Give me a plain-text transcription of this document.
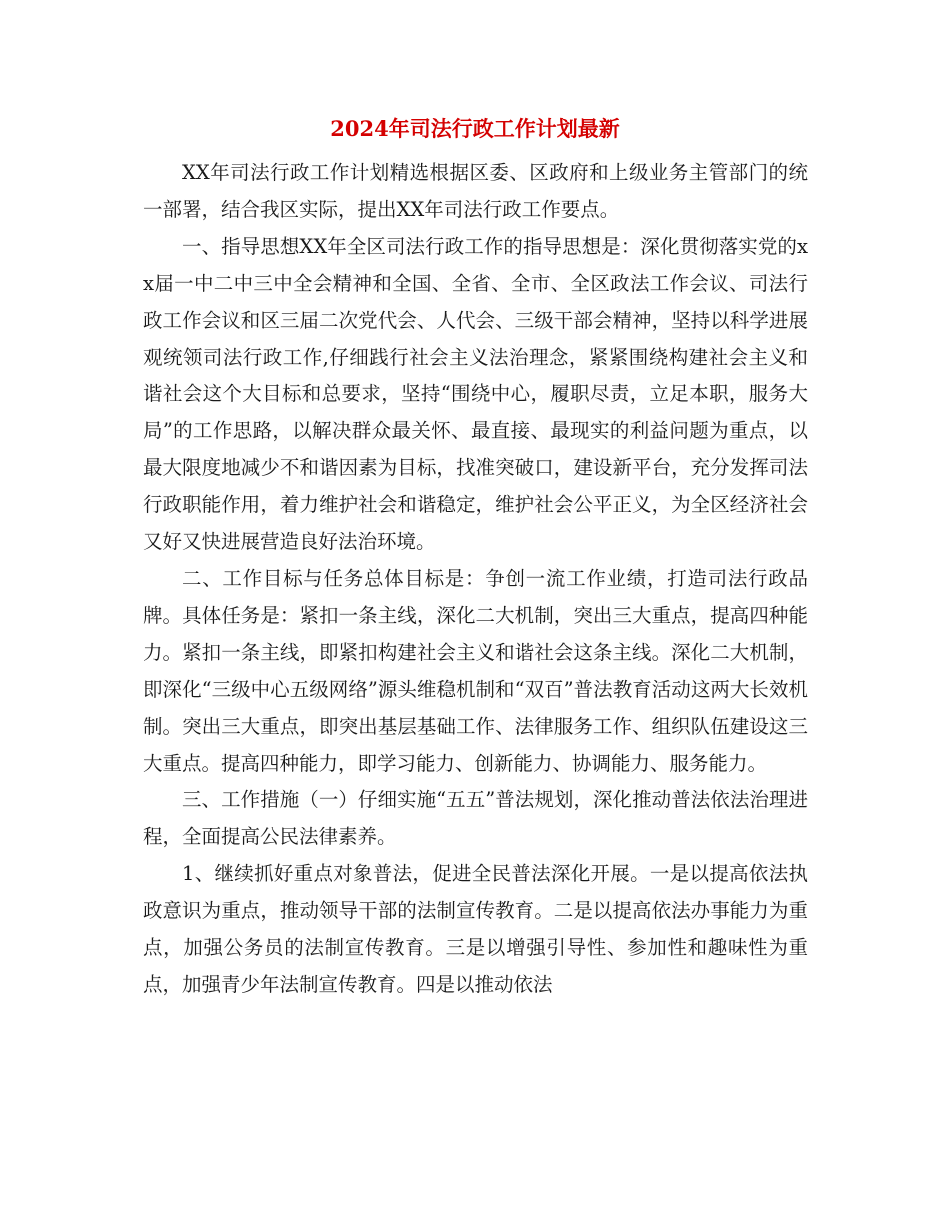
2024年司法行政工作计划最新

XX年司法行政工作计划精选根据区委、区政府和上级业务主管部门的统一部署，结合我区实际，提出XX年司法行政工作要点。

一、指导思想XX年全区司法行政工作的指导思想是：深化贯彻落实党的xx届一中二中三中全会精神和全国、全省、全市、全区政法工作会议、司法行政工作会议和区三届二次党代会、人代会、三级干部会精神，坚持以科学进展观统领司法行政工作,仔细践行社会主义法治理念，紧紧围绕构建社会主义和谐社会这个大目标和总要求，坚持“围绕中心，履职尽责，立足本职，服务大局”的工作思路，以解决群众最关怀、最直接、最现实的利益问题为重点，以最大限度地减少不和谐因素为目标，找准突破口，建设新平台，充分发挥司法行政职能作用，着力维护社会和谐稳定，维护社会公平正义，为全区经济社会又好又快进展营造良好法治环境。

二、工作目标与任务总体目标是：争创一流工作业绩，打造司法行政品牌。具体任务是：紧扣一条主线，深化二大机制，突出三大重点，提高四种能力。紧扣一条主线，即紧扣构建社会主义和谐社会这条主线。深化二大机制，即深化“三级中心五级网络”源头维稳机制和“双百”普法教育活动这两大长效机制。突出三大重点，即突出基层基础工作、法律服务工作、组织队伍建设这三大重点。提高四种能力，即学习能力、创新能力、协调能力、服务能力。

三、工作措施（一）仔细实施“五五”普法规划，深化推动普法依法治理进程，全面提高公民法律素养。

1、继续抓好重点对象普法，促进全民普法深化开展。一是以提高依法执政意识为重点，推动领导干部的法制宣传教育。二是以提高依法办事能力为重点，加强公务员的法制宣传教育。三是以增强引导性、参加性和趣味性为重点，加强青少年法制宣传教育。四是以推动依法
